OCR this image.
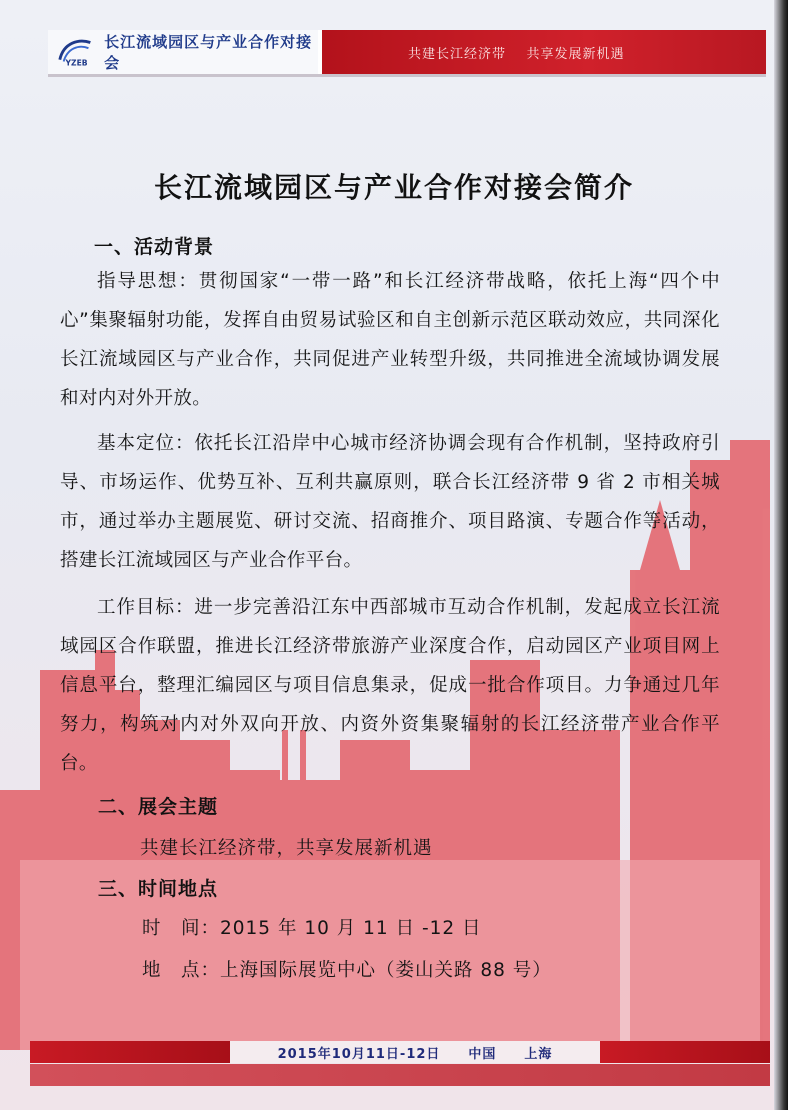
YZEB
长江流域园区与产业合作对接会	共建长江经济带    共享发展新机遇
长江流域园区与产业合作对接会简介
一、活动背景
指导思想：贯彻国家“一带一路”和长江经济带战略，依托上海“四个中心”集聚辐射功能，发挥自由贸易试验区和自主创新示范区联动效应，共同深化长江流域园区与产业合作，共同促进产业转型升级，共同推进全流域协调发展和对内对外开放。
基本定位：依托长江沿岸中心城市经济协调会现有合作机制，坚持政府引导、市场运作、优势互补、互利共赢原则，联合长江经济带 9 省 2 市相关城市，通过举办主题展览、研讨交流、招商推介、项目路演、专题合作等活动，搭建长江流域园区与产业合作平台。
工作目标：进一步完善沿江东中西部城市互动合作机制，发起成立长江流域园区合作联盟，推进长江经济带旅游产业深度合作，启动园区产业项目网上信息平台，整理汇编园区与项目信息集录，促成一批合作项目。力争通过几年努力，构筑对内对外双向开放、内资外资集聚辐射的长江经济带产业合作平台。
二、展会主题
共建长江经济带，共享发展新机遇
三、时间地点
时　间：2015 年 10 月 11 日 -12 日
地　点：上海国际展览中心（娄山关路 88 号）
2015年10月11日-12日　　中国　　上海
